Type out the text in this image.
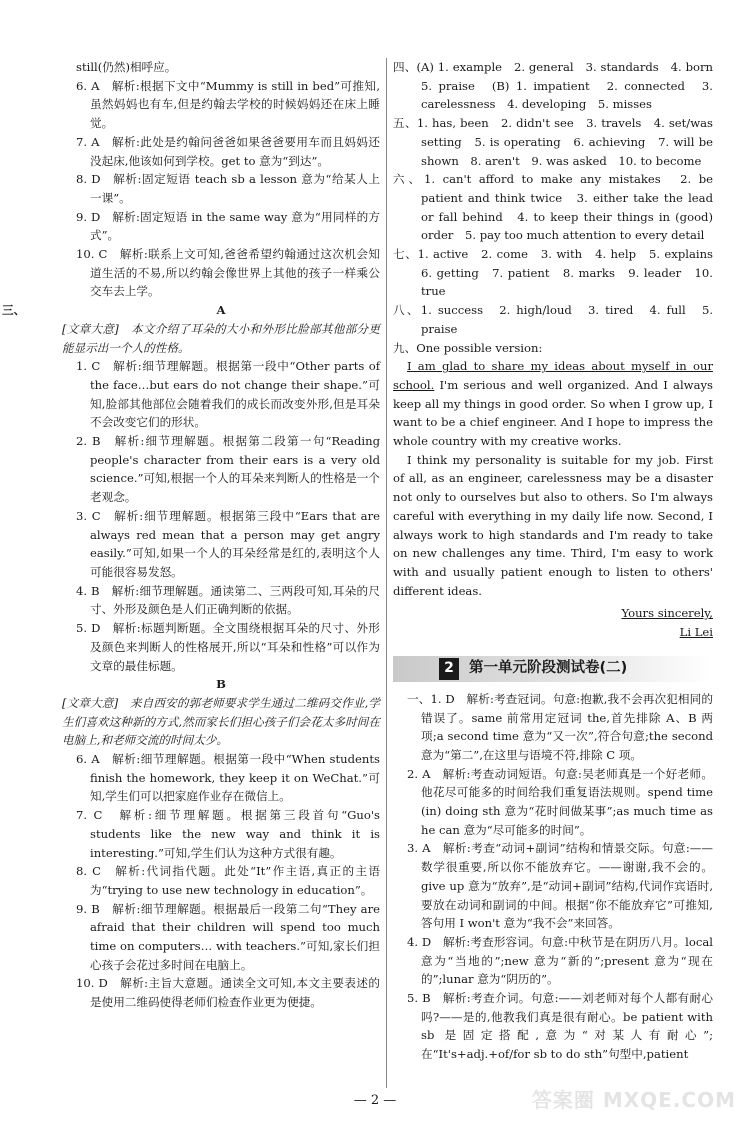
still(仍然)相呼应。

6. A　解析:根据下文中“Mummy is still in bed”可推知,虽然妈妈也有车,但是约翰去学校的时候妈妈还在床上睡觉。

7. A　解析:此处是约翰问爸爸如果爸爸要用车而且妈妈还没起床,他该如何到学校。get to 意为“到达”。

8. D　解析:固定短语 teach sb a lesson 意为“给某人上一课”。

9. D　解析:固定短语 in the same way 意为“用同样的方式”。

10. C　解析:联系上文可知,爸爸希望约翰通过这次机会知道生活的不易,所以约翰会像世界上其他的孩子一样乘公交车去上学。

三、	A

[文章大意]　本文介绍了耳朵的大小和外形比脸部其他部分更能显示出一个人的性格。

1. C　解析:细节理解题。根据第一段中“Other parts of the face…but ears do not change their shape.”可知,脸部其他部位会随着我们的成长而改变外形,但是耳朵不会改变它们的形状。

2. B　解析:细节理解题。根据第二段第一句“Reading people's character from their ears is a very old science.”可知,根据一个人的耳朵来判断人的性格是一个老观念。

3. C　解析:细节理解题。根据第三段中“Ears that are always red mean that a person may get angry easily.”可知,如果一个人的耳朵经常是红的,表明这个人可能很容易发怒。

4. B　解析:细节理解题。通读第二、三两段可知,耳朵的尺寸、外形及颜色是人们正确判断的依据。

5. D　解析:标题判断题。全文围绕根据耳朵的尺寸、外形及颜色来判断人的性格展开,所以“耳朵和性格”可以作为文章的最佳标题。

B

[文章大意]　来自西安的郭老师要求学生通过二维码交作业,学生们喜欢这种新的方式,然而家长们担心孩子们会花太多时间在电脑上,和老师交流的时间太少。

6. A　解析:细节理解题。根据第一段中“When students finish the homework, they keep it on WeChat.”可知,学生们可以把家庭作业存在微信上。

7. C　解析:细节理解题。根据第三段首句“Guo's students like the new way and think it is interesting.”可知,学生们认为这种方式很有趣。

8. C　解析:代词指代题。此处“It”作主语,真正的主语为“trying to use new technology in education”。

9. B　解析:细节理解题。根据最后一段第二句“They are afraid that their children will spend too much time on computers… with teachers.”可知,家长们担心孩子会花过多时间在电脑上。

10. D　解析:主旨大意题。通读全文可知,本文主要表述的是使用二维码使得老师们检查作业更为便捷。

四、(A) 1. example　2. general　3. standards　4. born　5. praise　(B) 1. impatient　2. connected　3. carelessness　4. developing　5. misses

五、1. has, been　2. didn't see　3. travels　4. set/was setting　5. is operating　6. achieving　7. will be shown　8. aren't　9. was asked　10. to become

六、1. can't afford to make any mistakes　2. be patient and think twice　3. either take the lead or fall behind　4. to keep their things in (good) order　5. pay too much attention to every detail

七、1. active　2. come　3. with　4. help　5. explains　6. getting　7. patient　8. marks　9. leader　10. true

八、1. success　2. high/loud　3. tired　4. full　5. praise

九、One possible version:

I am glad to share my ideas about myself in our school. I'm serious and well organized. And I always keep all my things in good order. So when I grow up, I want to be a chief engineer. And I hope to impress the whole country with my creative works.

I think my personality is suitable for my job. First of all, as an engineer, carelessness may be a disaster not only to ourselves but also to others. So I'm always careful with everything in my daily life now. Second, I always work to high standards and I'm ready to take on new challenges any time. Third, I'm easy to work with and usually patient enough to listen to others' different ideas.

Yours sincerely,

Li Lei

2	第一单元阶段测试卷(二)

一、1. D　解析:考查冠词。句意:抱歉,我不会再次犯相同的错误了。same 前常用定冠词 the,首先排除 A、B 两项;a second time 意为“又一次”,符合句意;the second 意为“第二”,在这里与语境不符,排除 C 项。

2. A　解析:考查动词短语。句意:吴老师真是一个好老师。他花尽可能多的时间给我们重复语法规则。spend time (in) doing sth 意为“花时间做某事”;as much time as he can 意为“尽可能多的时间”。

3. A　解析:考查“动词+副词”结构和情景交际。句意:——数学很重要,所以你不能放弃它。——谢谢,我不会的。give up 意为“放弃”,是“动词+副词”结构,代词作宾语时,要放在动词和副词的中间。根据“你不能放弃它”可推知,答句用 I won't 意为“我不会”来回答。

4. D　解析:考查形容词。句意:中秋节是在阴历八月。local 意为“当地的”;new 意为“新的”;present 意为“现在的”;lunar 意为“阴历的”。

5. B　解析:考查介词。句意:——刘老师对每个人都有耐心吗?——是的,他教我们真是很有耐心。be patient with sb 是固定搭配,意为“对某人有耐心”;在“It's+adj.+of/for sb to do sth”句型中,patient

— 2 —	答案圈 MXQE.COM
